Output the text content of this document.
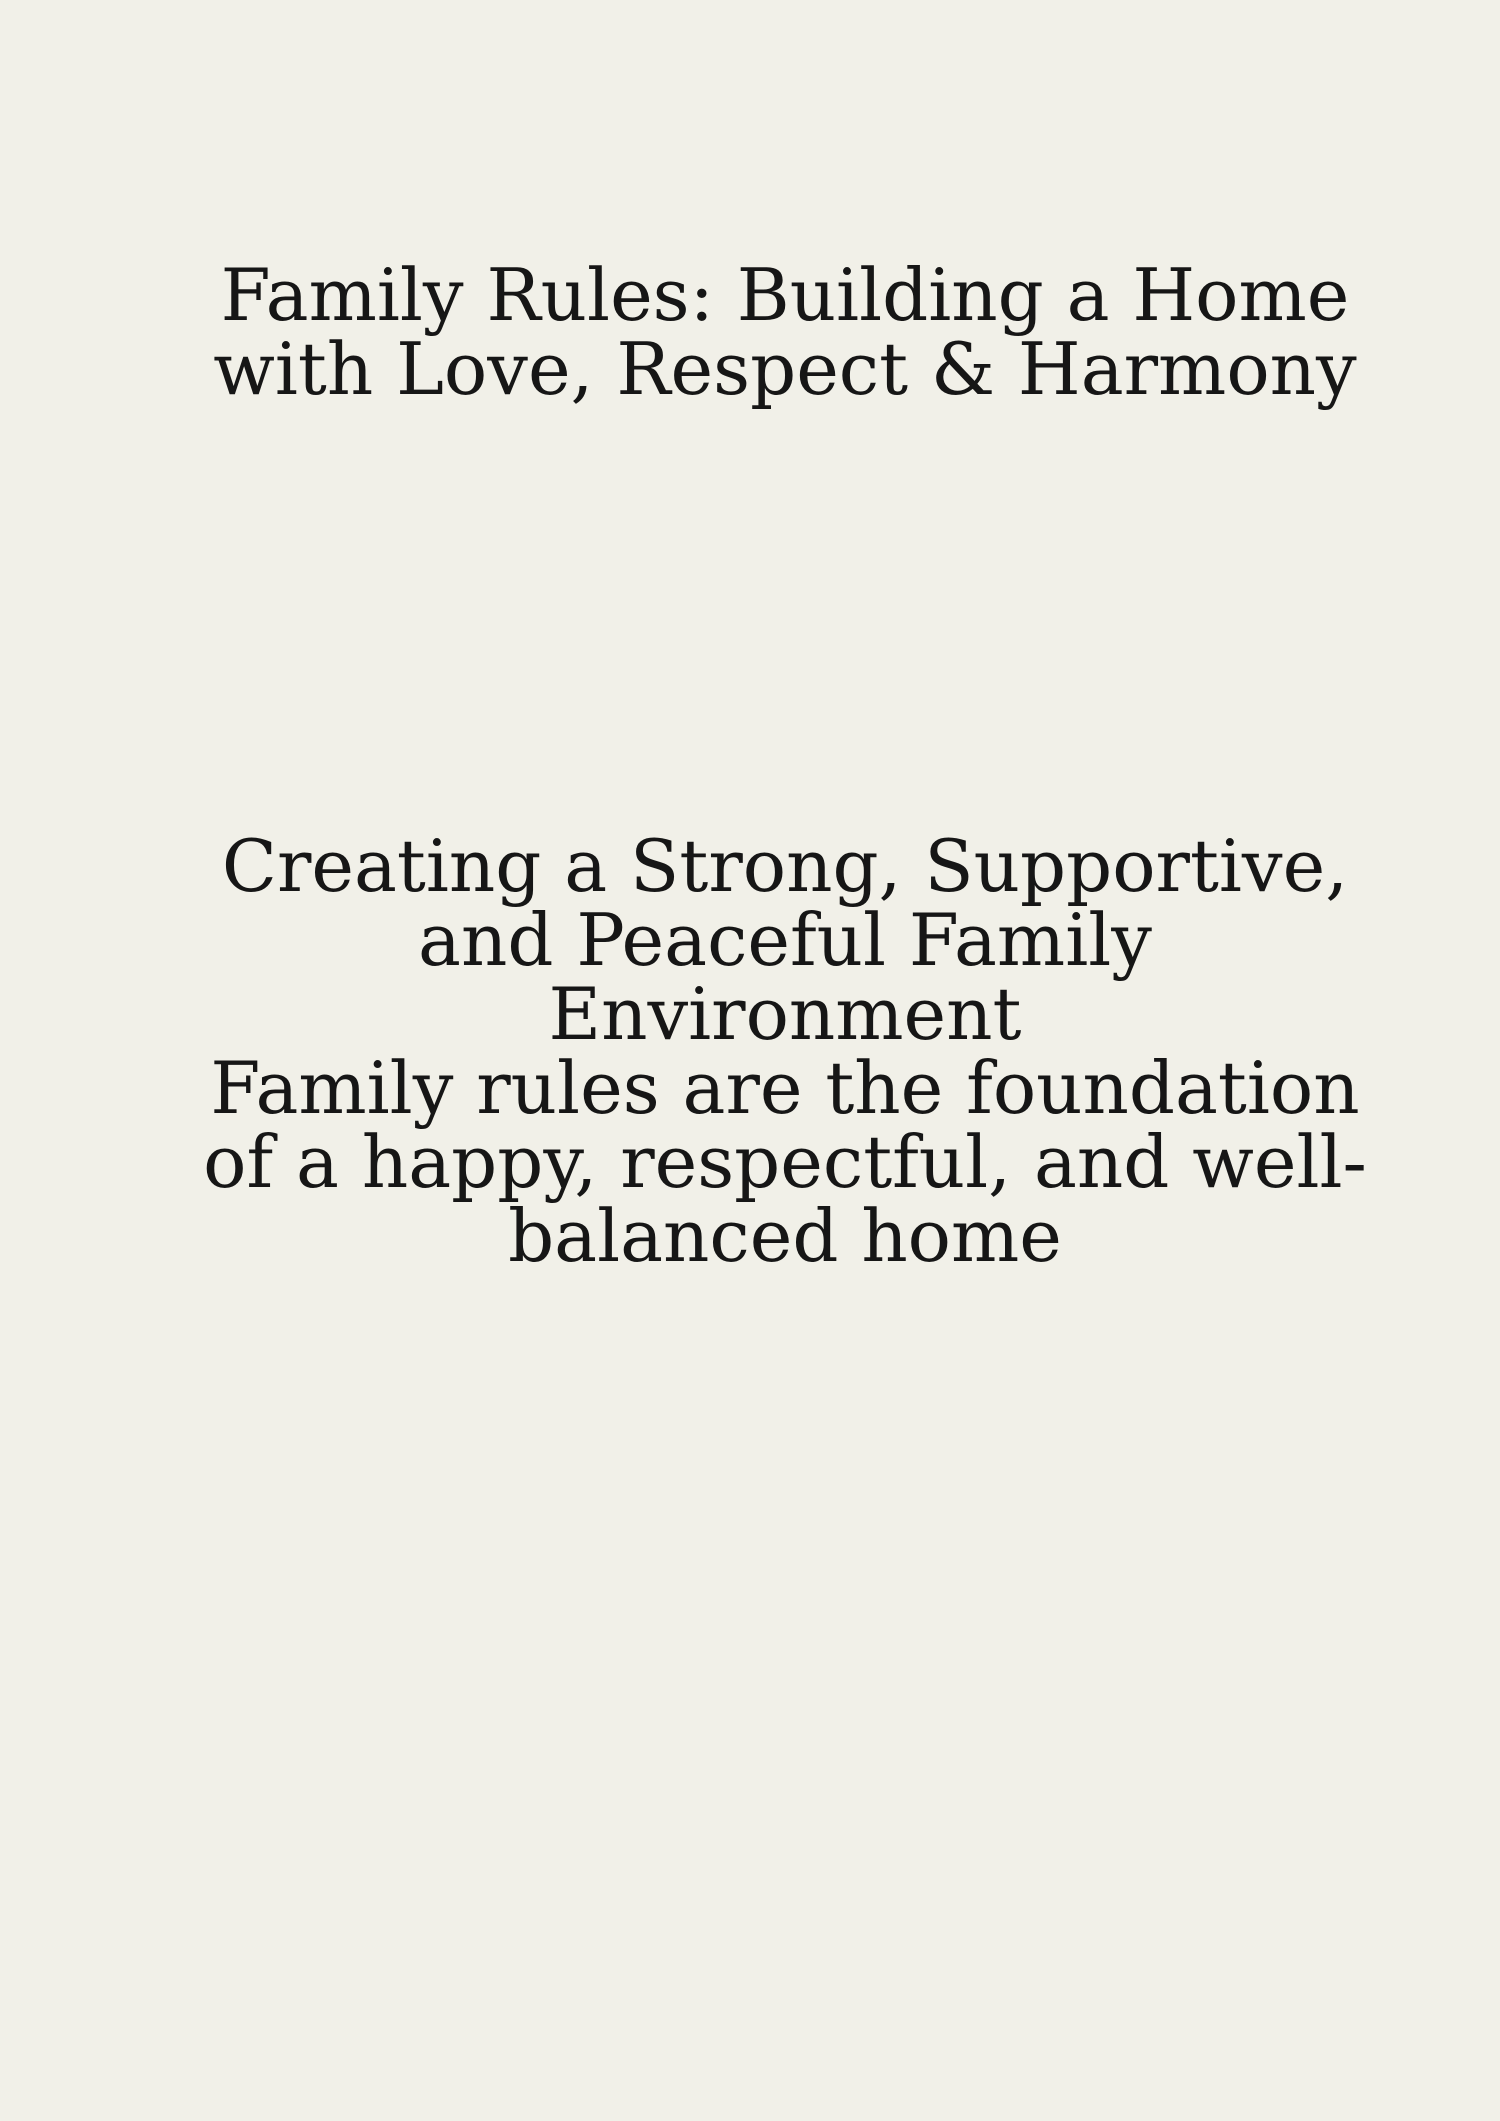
Family Rules: Building a Home
with Love, Respect & Harmony
Creating a Strong, Supportive,
and Peaceful Family
Environment
Family rules are the foundation
of a happy, respectful, and well-
balanced home
